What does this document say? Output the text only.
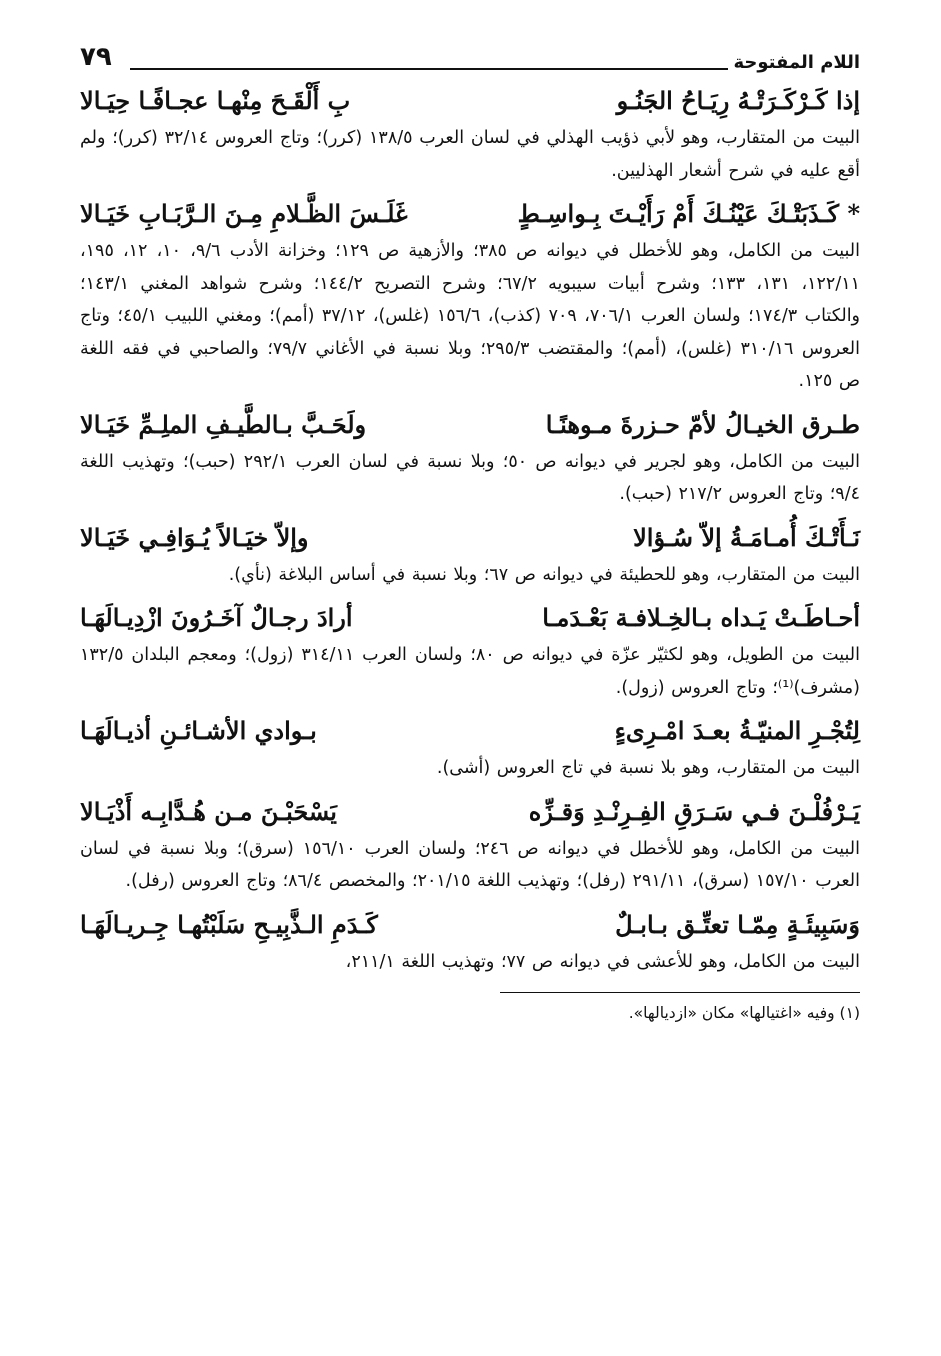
اللام المفتوحة
٧٩
إذا كَـرْكَـرَتْـهُ رِيَـاحُ الجَنُـو
بِ أَلْقَـحَ مِنْهـا عجـافًـا حِيَـالا

البيت من المتقارب، وهو لأبي ذؤيب الهذلي في لسان العرب ١٣٨/٥ (كرر)؛ وتاج العروس ٣٢/١٤ (كرر)؛ ولم أقع عليه في شرح أشعار الهذليين.

* كَـذَبَتْـكَ عَيْنُـكَ أَمْ رَأَيْـتَ بِـواسِـطٍ
غَلَـسَ الظَّـلامِ مِـنَ الـرَّبَـابِ خَيَـالا

البيت من الكامل، وهو للأخطل في ديوانه ص ٣٨٥؛ والأزهية ص ١٢٩؛ وخزانة الأدب ٩/٦، ١٠، ١٢، ١٩٥، ١٢٢/١١، ١٣١، ١٣٣؛ وشرح أبيات سيبويه ٦٧/٢؛ وشرح التصريح ١٤٤/٢؛ وشرح شواهد المغني ١٤٣/١؛ والكتاب ١٧٤/٣؛ ولسان العرب ٧٠٦/١، ٧٠٩ (كذب)، ١٥٦/٦ (غلس)، ٣٧/١٢ (أمم)؛ ومغني اللبيب ٤٥/١؛ وتاج العروس ٣١٠/١٦ (غلس)، (أمم)؛ والمقتضب ٢٩٥/٣؛ وبلا نسبة في الأغاني ٧٩/٧؛ والصاحبي في فقه اللغة ص ١٢٥.

طـرق الخيـالُ لأمّ حـزرةَ مـوهنًـا
ولَحَـبَّ بـالطَّيـفِ الملِـمِّ خَيَـالا

البيت من الكامل، وهو لجرير في ديوانه ص ٥٠؛ وبلا نسبة في لسان العرب ٢٩٢/١ (حبب)؛ وتهذيب اللغة ٩/٤؛ وتاج العروس ٢١٧/٢ (حبب).

نَـأَتْـكَ أُمـامَـةُ إلاّ سُـؤالا
وإلاّ خيَـالاً يُـوَافِـي خَيَـالا

البيت من المتقارب، وهو للحطيئة في ديوانه ص ٦٧؛ وبلا نسبة في أساس البلاغة (نأي).

أحـاطَـتْ يَـداه بـالخِـلافـة بَعْـدَمـا
أرادَ رجـالٌ آخَـرُونَ ازْدِيـالَهَـا

البيت من الطويل، وهو لكثيّر عزّة في ديوانه ص ٨٠؛ ولسان العرب ٣١٤/١١ (زول)؛ ومعجم البلدان ١٣٢/٥ (مشرف)⁽¹⁾؛ وتاج العروس (زول).

لِتُجْـرِ المنيّـةُ بعـدَ امْـرِىءٍ
بـوادي الأشـائـنِ أذيـالَهَـا

البيت من المتقارب، وهو بلا نسبة في تاج العروس (أشى).

يَـرْفُلْـنَ فـي سَـرَقِ الفِـرِنْـدِ وَقـزِّه
يَسْحَبْـنَ مـن هُـدَّابِـه أَذْيَـالا

البيت من الكامل، وهو للأخطل في ديوانه ص ٢٤٦؛ ولسان العرب ١٥٦/١٠ (سرق)؛ وبلا نسبة في لسان العرب ١٥٧/١٠ (سرق)، ٢٩١/١١ (رفل)؛ وتهذيب اللغة ٢٠١/١٥؛ والمخصص ٨٦/٤؛ وتاج العروس (رفل).

وَسَبِيئَـةٍ مِمّـا تعتِّـق بـابـلٌ
كَـدَمِ الـذَّبِيـحِ سَلَبْتُهـا جِـريـالَهَـا

البيت من الكامل، وهو للأعشى في ديوانه ص ٧٧؛ وتهذيب اللغة ٢١١/١،

(١) وفيه «اغتيالها» مكان «ازديالها».
